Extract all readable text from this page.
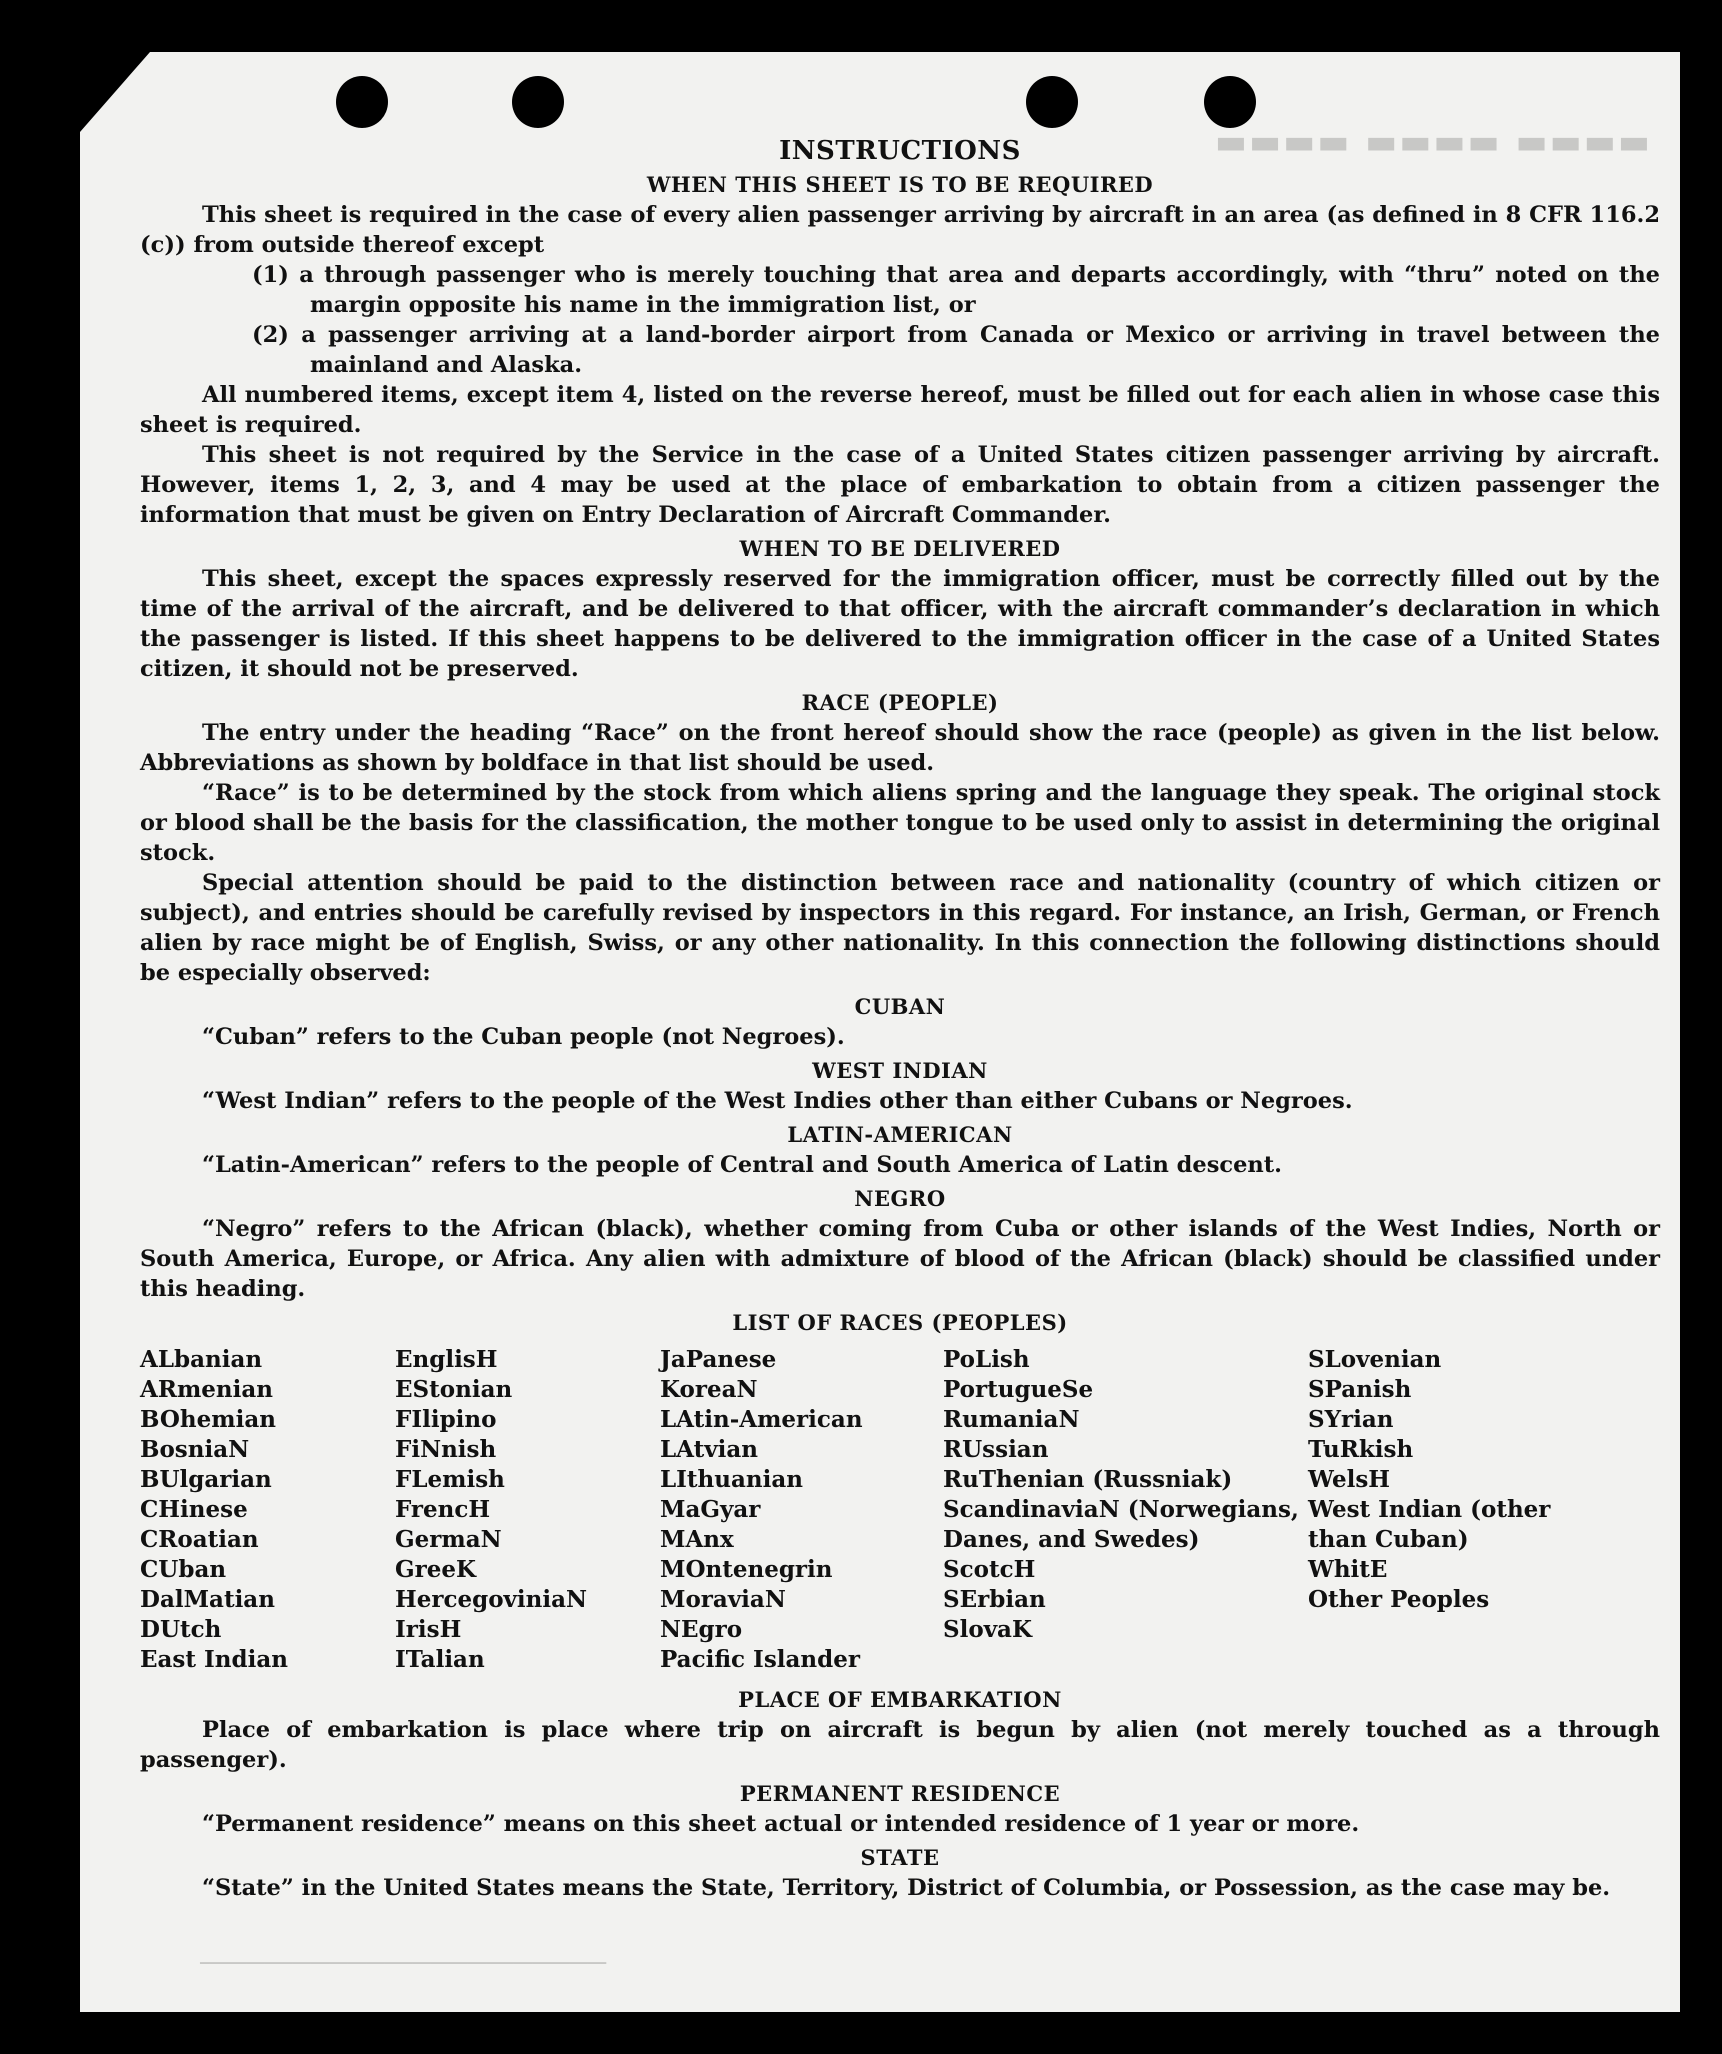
▬▬▬▬ ▬▬▬▬ ▬▬▬▬
INSTRUCTIONS
WHEN THIS SHEET IS TO BE REQUIRED

This sheet is required in the case of every alien passenger arriving by aircraft in an area (as defined in 8 CFR 116.2 (c)) from outside thereof except

(1) a through passenger who is merely touching that area and departs accordingly, with “thru” noted on the margin opposite his name in the immigration list, or

(2) a passenger arriving at a land-border airport from Canada or Mexico or arriving in travel between the mainland and Alaska.

All numbered items, except item 4, listed on the reverse hereof, must be filled out for each alien in whose case this sheet is required.

This sheet is not required by the Service in the case of a United States citizen passenger arriving by aircraft. However, items 1, 2, 3, and 4 may be used at the place of embarkation to obtain from a citizen passenger the information that must be given on Entry Declaration of Aircraft Commander.

WHEN TO BE DELIVERED

This sheet, except the spaces expressly reserved for the immigration officer, must be correctly filled out by the time of the arrival of the aircraft, and be delivered to that officer, with the aircraft commander’s declaration in which the passenger is listed. If this sheet happens to be delivered to the immigration officer in the case of a United States citizen, it should not be preserved.

RACE (PEOPLE)

The entry under the heading “Race” on the front hereof should show the race (people) as given in the list below. Abbreviations as shown by boldface in that list should be used.

“Race” is to be determined by the stock from which aliens spring and the language they speak. The original stock or blood shall be the basis for the classification, the mother tongue to be used only to assist in determining the original stock.

Special attention should be paid to the distinction between race and nationality (country of which citizen or subject), and entries should be carefully revised by inspectors in this regard. For instance, an Irish, German, or French alien by race might be of English, Swiss, or any other nationality. In this connection the following distinctions should be especially observed:

CUBAN

“Cuban” refers to the Cuban people (not Negroes).

WEST INDIAN

“West Indian” refers to the people of the West Indies other than either Cubans or Negroes.

LATIN-AMERICAN

“Latin-American” refers to the people of Central and South America of Latin descent.

NEGRO

“Negro” refers to the African (black), whether coming from Cuba or other islands of the West Indies, North or South America, Europe, or Africa. Any alien with admixture of blood of the African (black) should be classified under this heading.

LIST OF RACES (PEOPLES)
ALbanian
ARmenian
BOhemian
BosniaN
BUlgarian
CHinese
CRoatian
CUban
DalMatian
DUtch
East Indian
EnglisH
EStonian
FIlipino
FiNnish
FLemish
FrencH
GermaN
GreeK
HercegoviniaN
IrisH
ITalian
JaPanese
KoreaN
LAtin-American
LAtvian
LIthuanian
MaGyar
MAnx
MOntenegrin
MoraviaN
NEgro
Pacific Islander
PoLish
PortugueSe
RumaniaN
RUssian
RuThenian (Russniak)
ScandinaviaN (Norwegians, Danes, and Swedes)
ScotcH
SErbian
SlovaK
SLovenian
SPanish
SYrian
TuRkish
WelsH
West Indian (other than Cuban)
WhitE
Other Peoples
PLACE OF EMBARKATION

Place of embarkation is place where trip on aircraft is begun by alien (not merely touched as a through passenger).

PERMANENT RESIDENCE

“Permanent residence” means on this sheet actual or intended residence of 1 year or more.

STATE

“State” in the United States means the State, Territory, District of Columbia, or Possession, as the case may be.

▁▁▁▁▁▁▁▁▁▁▁▁▁▁▁▁▁▁▁▁▁▁▁▁▁▁▁▁▁▁▁▁▁▁▁▁▁▁▁▁▁▁▁▁
